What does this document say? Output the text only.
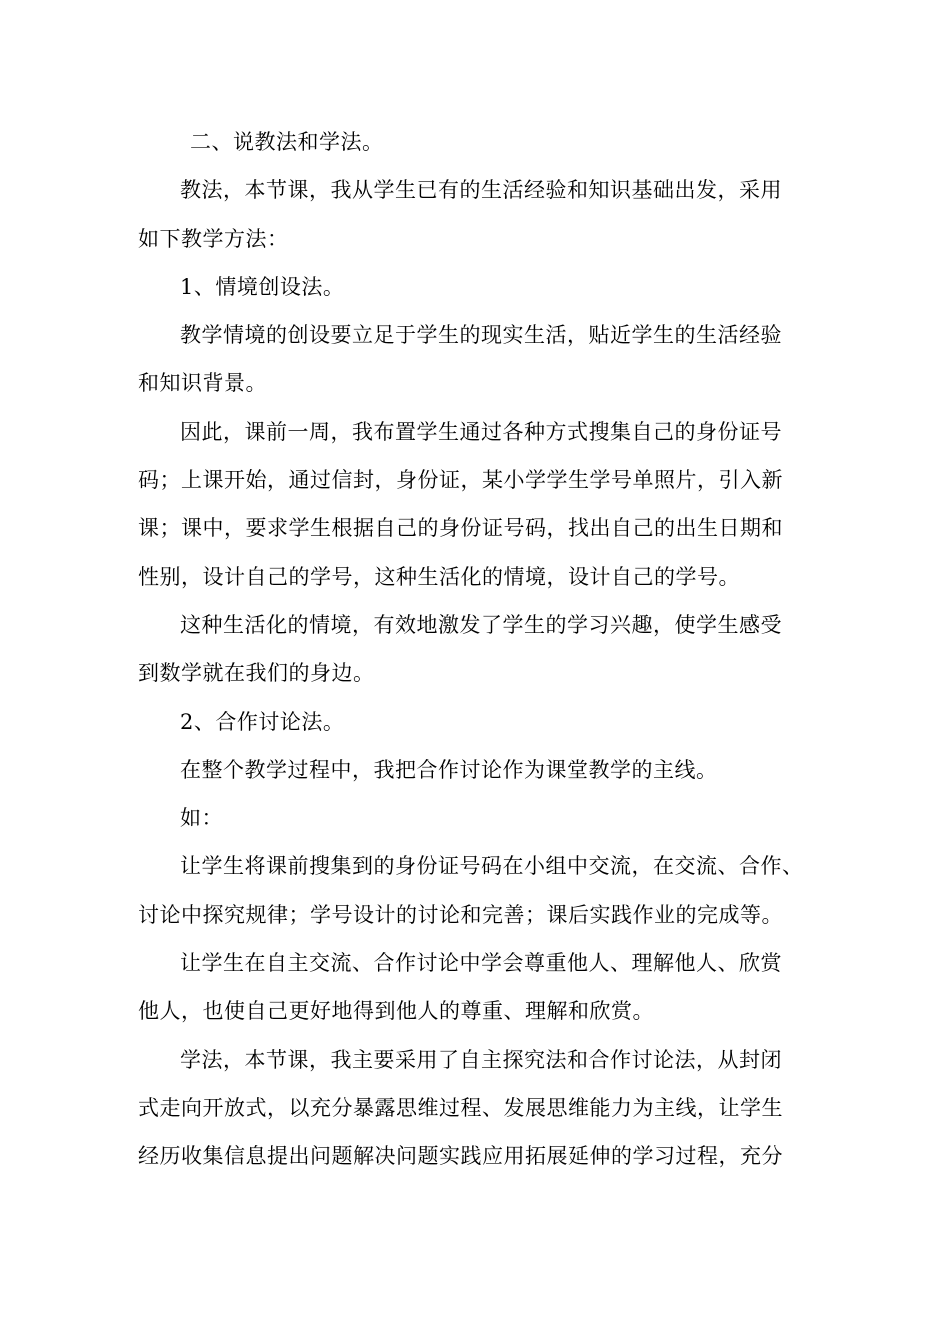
二、说教法和学法。
教法，本节课，我从学生已有的生活经验和知识基础出发，采用
如下教学方法：
1、情境创设法。
教学情境的创设要立足于学生的现实生活，贴近学生的生活经验
和知识背景。
因此，课前一周，我布置学生通过各种方式搜集自己的身份证号
码；上课开始，通过信封，身份证，某小学学生学号单照片，引入新
课；课中，要求学生根据自己的身份证号码，找出自己的出生日期和
性别，设计自己的学号，这种生活化的情境，设计自己的学号。
这种生活化的情境，有效地激发了学生的学习兴趣，使学生感受
到数学就在我们的身边。
2、合作讨论法。
在整个教学过程中，我把合作讨论作为课堂教学的主线。
如：
让学生将课前搜集到的身份证号码在小组中交流，在交流、合作、
讨论中探究规律；学号设计的讨论和完善；课后实践作业的完成等。
让学生在自主交流、合作讨论中学会尊重他人、理解他人、欣赏
他人，也使自己更好地得到他人的尊重、理解和欣赏。
学法，本节课，我主要采用了自主探究法和合作讨论法，从封闭
式走向开放式，以充分暴露思维过程、发展思维能力为主线，让学生
经历收集信息提出问题解决问题实践应用拓展延伸的学习过程，充分
